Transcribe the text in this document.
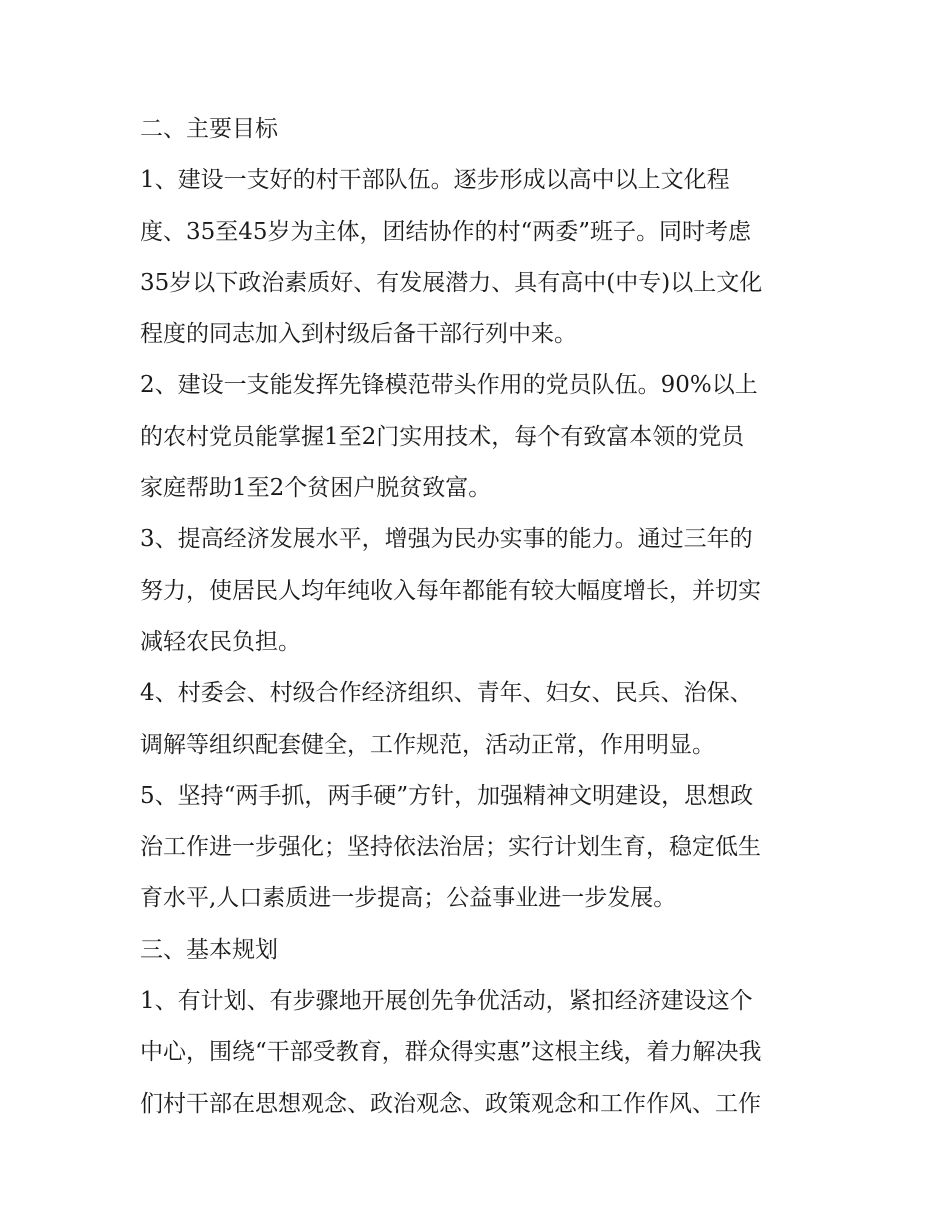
二、主要目标
1、建设一支好的村干部队伍。逐步形成以高中以上文化程
度、35至45岁为主体，团结协作的村“两委”班子。同时考虑
35岁以下政治素质好、有发展潜力、具有高中(中专)以上文化
程度的同志加入到村级后备干部行列中来。
2、建设一支能发挥先锋模范带头作用的党员队伍。90%以上
的农村党员能掌握1至2门实用技术，每个有致富本领的党员
家庭帮助1至2个贫困户脱贫致富。
3、提高经济发展水平，增强为民办实事的能力。通过三年的
努力，使居民人均年纯收入每年都能有较大幅度增长，并切实
减轻农民负担。
4、村委会、村级合作经济组织、青年、妇女、民兵、治保、
调解等组织配套健全，工作规范，活动正常，作用明显。
5、坚持“两手抓，两手硬”方针，加强精神文明建设，思想政
治工作进一步强化；坚持依法治居；实行计划生育，稳定低生
育水平,人口素质进一步提高；公益事业进一步发展。
三、基本规划
1、有计划、有步骤地开展创先争优活动，紧扣经济建设这个
中心，围绕“干部受教育，群众得实惠”这根主线，着力解决我
们村干部在思想观念、政治观念、政策观念和工作作风、工作
